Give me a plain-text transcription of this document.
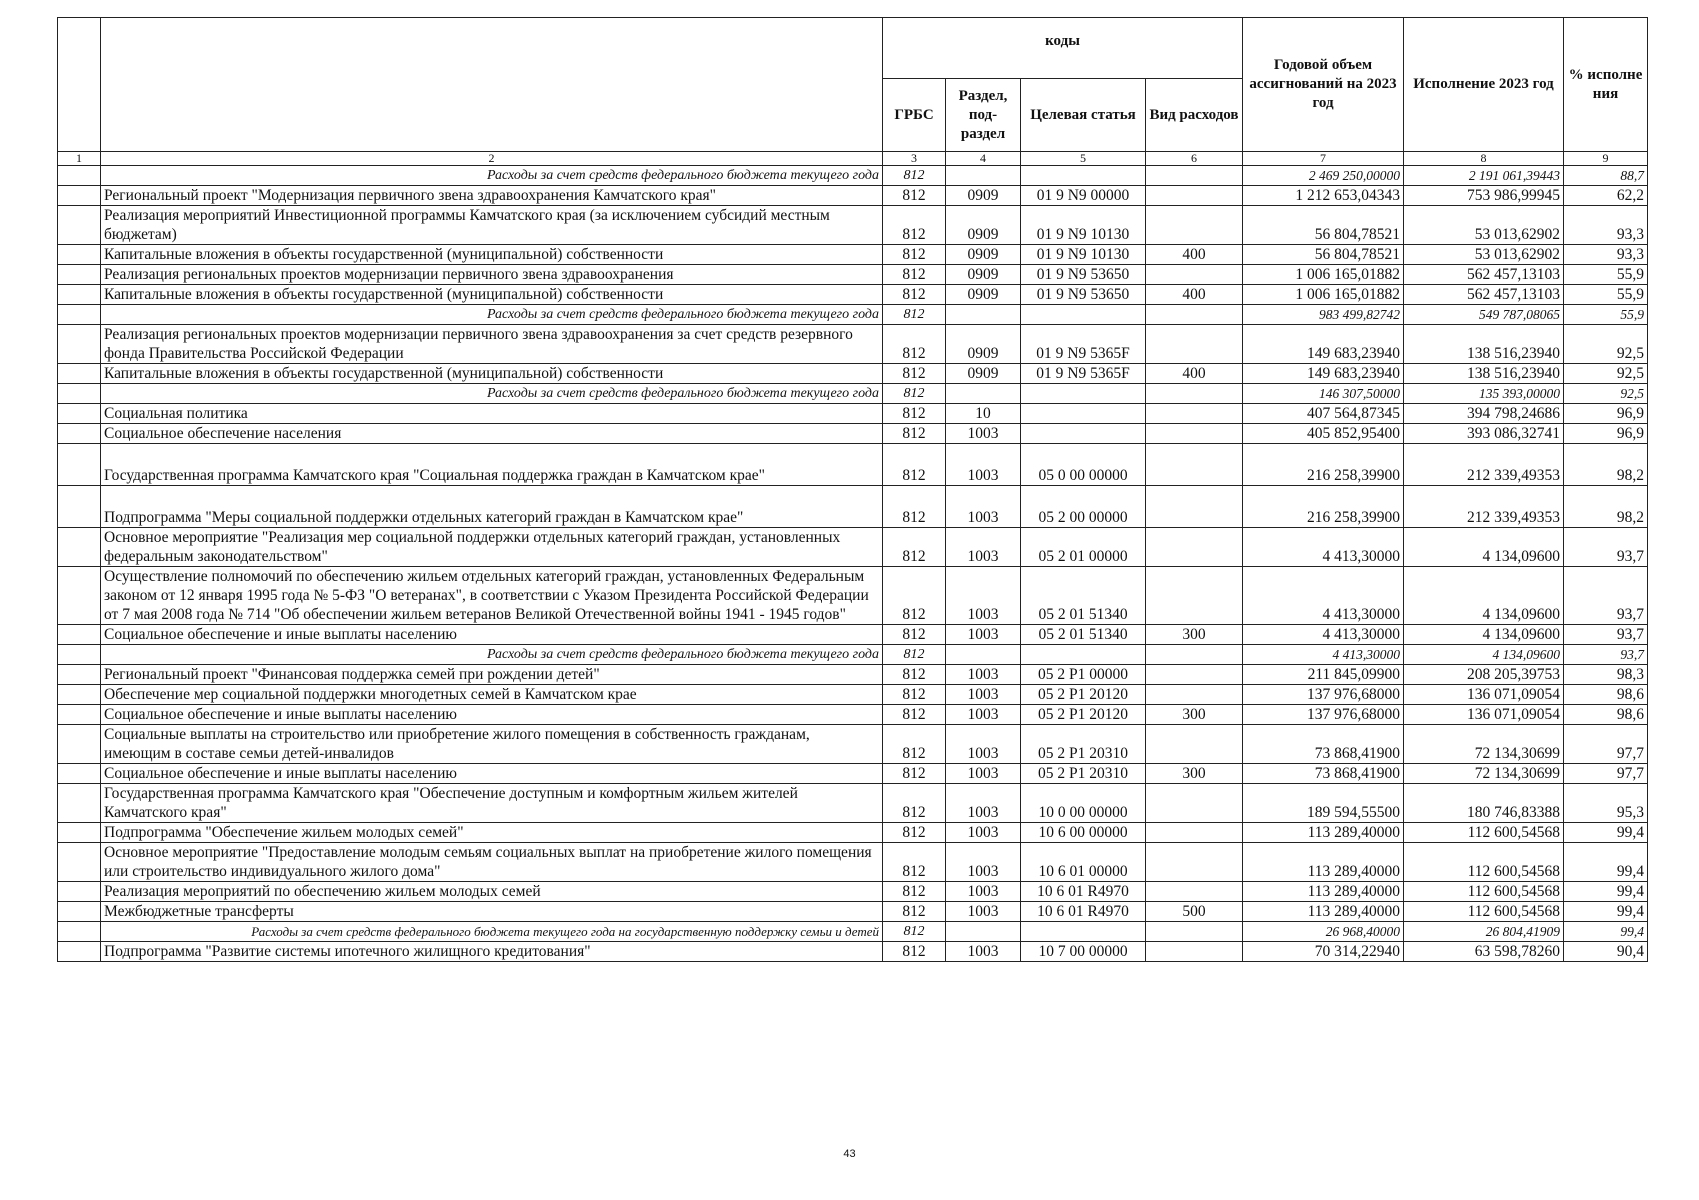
		коды				Годовой объем ассигнований на 2023 год	Исполнение 2023 год	% исполне ния
		ГРБС	Раздел, под- раздел	Целевая статья	Вид расходов			
1	2	3	4	5	6	7	8	9
	Расходы за счет средств федерального бюджета текущего года	812				2 469 250,00000	2 191 061,39443	88,7
	Региональный проект "Модернизация первичного звена здравоохранения Камчатского края"	812	0909	01 9 N9 00000		1 212 653,04343	753 986,99945	62,2
	Реализация мероприятий Инвестиционной программы Камчатского края (за исключением субсидий местным бюджетам)	812	0909	01 9 N9 10130		56 804,78521	53 013,62902	93,3
	Капитальные вложения в объекты государственной (муниципальной) собственности	812	0909	01 9 N9 10130	400	56 804,78521	53 013,62902	93,3
	Реализация региональных проектов модернизации первичного звена здравоохранения	812	0909	01 9 N9 53650		1 006 165,01882	562 457,13103	55,9
	Капитальные вложения в объекты государственной (муниципальной) собственности	812	0909	01 9 N9 53650	400	1 006 165,01882	562 457,13103	55,9
	Расходы за счет средств федерального бюджета текущего года	812				983 499,82742	549 787,08065	55,9
	Реализация региональных проектов модернизации первичного звена здравоохранения за счет средств резервного фонда Правительства Российской Федерации	812	0909	01 9 N9 5365F		149 683,23940	138 516,23940	92,5
	Капитальные вложения в объекты государственной (муниципальной) собственности	812	0909	01 9 N9 5365F	400	149 683,23940	138 516,23940	92,5
	Расходы за счет средств федерального бюджета текущего года	812				146 307,50000	135 393,00000	92,5
	Социальная политика	812	10			407 564,87345	394 798,24686	96,9
	Социальное обеспечение населения	812	1003			405 852,95400	393 086,32741	96,9
	Государственная программа Камчатского края "Социальная поддержка граждан в Камчатском крае"	812	1003	05 0 00 00000		216 258,39900	212 339,49353	98,2
	Подпрограмма "Меры социальной поддержки отдельных категорий граждан в Камчатском крае"	812	1003	05 2 00 00000		216 258,39900	212 339,49353	98,2
	Основное мероприятие "Реализация мер социальной поддержки отдельных категорий граждан, установленных федеральным законодательством"	812	1003	05 2 01 00000		4 413,30000	4 134,09600	93,7
	Осуществление полномочий по обеспечению жильем отдельных категорий граждан, установленных Федеральным законом от 12 января 1995 года № 5-ФЗ "О ветеранах", в соответствии с Указом Президента Российской Федерации от 7 мая 2008 года № 714 "Об обеспечении жильем ветеранов Великой Отечественной войны 1941 - 1945 годов"	812	1003	05 2 01 51340		4 413,30000	4 134,09600	93,7
	Социальное обеспечение и иные выплаты населению	812	1003	05 2 01 51340	300	4 413,30000	4 134,09600	93,7
	Расходы за счет средств федерального бюджета текущего года	812				4 413,30000	4 134,09600	93,7
	Региональный проект "Финансовая поддержка семей при рождении детей"	812	1003	05 2 P1 00000		211 845,09900	208 205,39753	98,3
	Обеспечение мер социальной поддержки многодетных семей в Камчатском крае	812	1003	05 2 P1 20120		137 976,68000	136 071,09054	98,6
	Социальное обеспечение и иные выплаты населению	812	1003	05 2 P1 20120	300	137 976,68000	136 071,09054	98,6
	Социальные выплаты на строительство или приобретение жилого помещения в собственность гражданам, имеющим в составе семьи детей-инвалидов	812	1003	05 2 P1 20310		73 868,41900	72 134,30699	97,7
	Социальное обеспечение и иные выплаты населению	812	1003	05 2 P1 20310	300	73 868,41900	72 134,30699	97,7
	Государственная программа Камчатского края "Обеспечение доступным и комфортным жильем жителей Камчатского края"	812	1003	10 0 00 00000		189 594,55500	180 746,83388	95,3
	Подпрограмма "Обеспечение жильем молодых семей"	812	1003	10 6 00 00000		113 289,40000	112 600,54568	99,4
	Основное мероприятие "Предоставление молодым семьям социальных выплат на приобретение жилого помещения или строительство индивидуального жилого дома"	812	1003	10 6 01 00000		113 289,40000	112 600,54568	99,4
	Реализация мероприятий по обеспечению жильем молодых семей	812	1003	10 6 01 R4970		113 289,40000	112 600,54568	99,4
	Межбюджетные трансферты	812	1003	10 6 01 R4970	500	113 289,40000	112 600,54568	99,4
	Расходы за счет средств федерального бюджета текущего года на государственную поддержку семьи и детей	812				26 968,40000	26 804,41909	99,4
	Подпрограмма "Развитие системы ипотечного жилищного кредитования"	812	1003	10 7 00 00000		70 314,22940	63 598,78260	90,4
43
